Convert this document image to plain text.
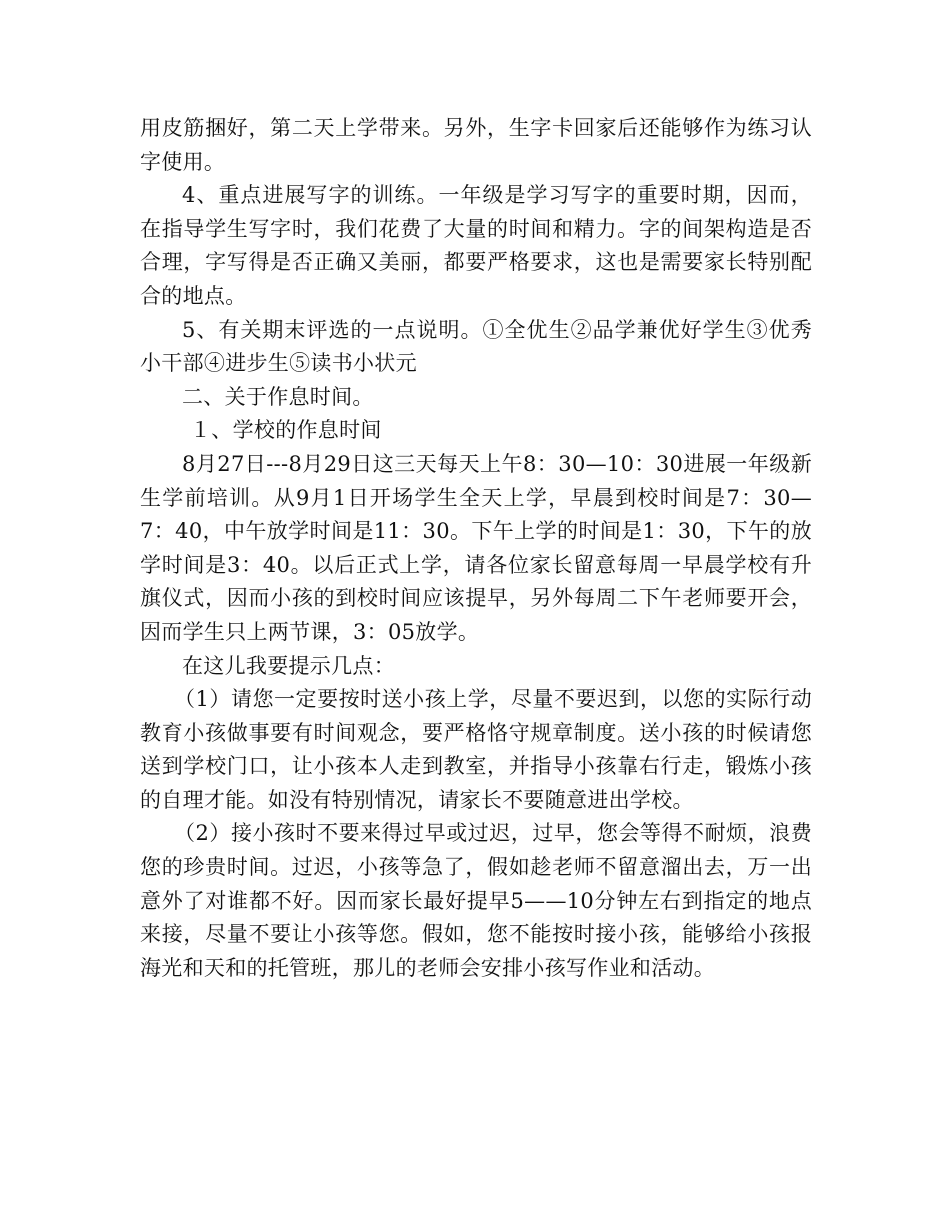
用皮筋捆好，第二天上学带来。另外，生字卡回家后还能够作为练习认字使用。

4、重点进展写字的训练。一年级是学习写字的重要时期，因而，在指导学生写字时，我们花费了大量的时间和精力。字的间架构造是否合理，字写得是否正确又美丽，都要严格要求，这也是需要家长特别配合的地点。

5、有关期末评选的一点说明。①全优生②品学兼优好学生③优秀小干部④进步生⑤读书小状元

二、关于作息时间。

１、学校的作息时间

8月27日---8月29日这三天每天上午8：30—10：30进展一年级新生学前培训。从9月1日开场学生全天上学，早晨到校时间是7：30—7：40，中午放学时间是11：30。下午上学的时间是1：30，下午的放学时间是3：40。以后正式上学，请各位家长留意每周一早晨学校有升旗仪式，因而小孩的到校时间应该提早，另外每周二下午老师要开会，因而学生只上两节课，3：05放学。

在这儿我要提示几点：

（1）请您一定要按时送小孩上学，尽量不要迟到，以您的实际行动教育小孩做事要有时间观念，要严格恪守规章制度。送小孩的时候请您送到学校门口，让小孩本人走到教室，并指导小孩靠右行走，锻炼小孩的自理才能。如没有特别情况，请家长不要随意进出学校。

（2）接小孩时不要来得过早或过迟，过早，您会等得不耐烦，浪费您的珍贵时间。过迟，小孩等急了，假如趁老师不留意溜出去，万一出意外了对谁都不好。因而家长最好提早5——10分钟左右到指定的地点来接，尽量不要让小孩等您。假如，您不能按时接小孩，能够给小孩报海光和天和的托管班，那儿的老师会安排小孩写作业和活动。
